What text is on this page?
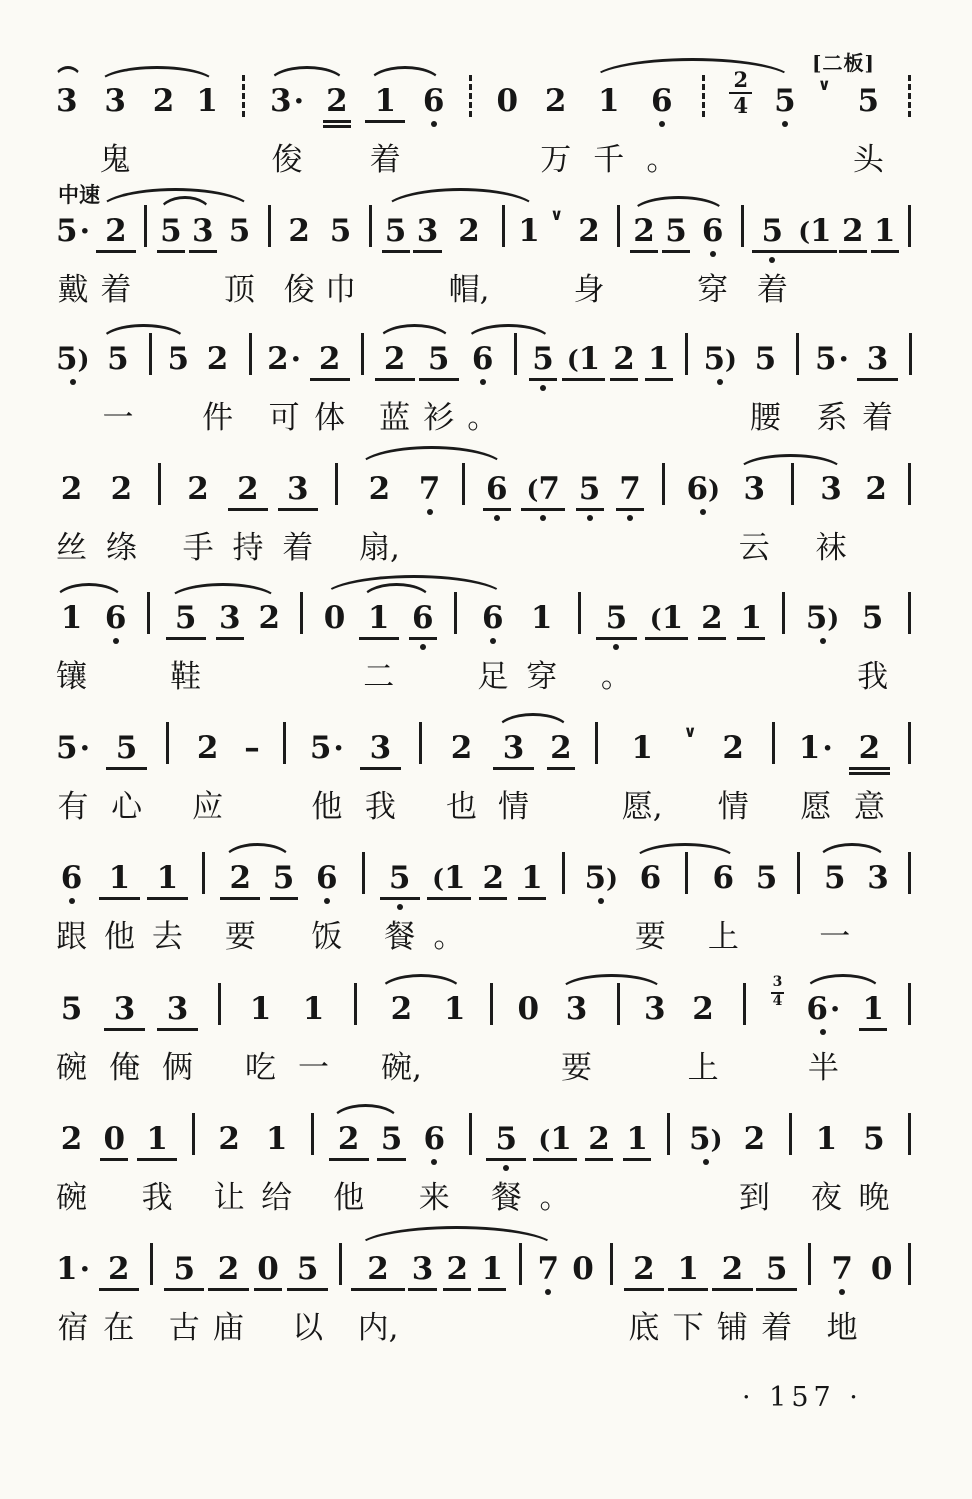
[二板]
中速
3 3
鬼
2 1 3 ·
俊
2 1
着
6 0 2
万
1
千
6
。
$\frac{2}{4} 5$ ∨ 5
头
5 ·
戴
2
着
5 3 5
顶
2
俊
5
巾
5 3 2
帽,
1 ∨ 2
身
2 5 6
穿
5
着
( 1 2 1
5 ) 5
一
5 2
件
2 ·
可
2
体
2
蓝
5
衫
6
。
5 ( 1 2 1 5 ) 5
腰
5 ·
系
3
着
2
丝
2
绦
2
手
2
持
3
着
2
扇,
7 6 ( 7 5 7 6 ) 3
云
3
袜
2
1
镶
6 5
鞋
3 2 0 1
二
6 6
足
1
穿
5
。
( 1 2 1 5 ) 5
我
5 ·
有
5
心
2
应
– 5 ·
他
3
我
2
也
3
情
2 1
愿,
∨ 2
情
1 ·
愿
2
意
6
跟
1
他
1
去
2
要
5 6
饭
5
餐
( 1
。
2 1 5 ) 6
要
6
上
5 5
一
3
5
碗
3
俺
3
俩
1
吃
1
一
2
碗,
1 0 3
要
3 2
上
$\frac{3}{4} 6$ ·
半
1
2
碗
0 1
我
2
让
1
给
2
他
5 6
来
5
餐
( 1
。
2 1 5 ) 2
到
1
夜
5
晚
1 ·
宿
2
在
5
古
2
庙
0 5
以
2
内,
3 2 1 7 0 2
底
1
下
2
铺
5
着
7
地
0
· 157 ·
